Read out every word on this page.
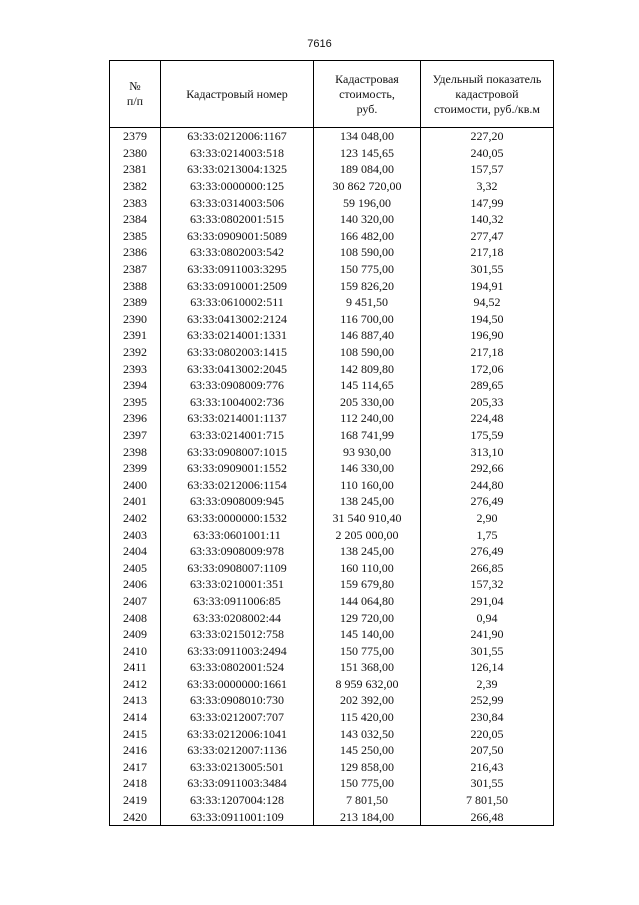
7616
№
п/п	Кадастровый номер	Кадастровая стоимость, руб.	Удельный показатель кадастровой стоимости, руб./кв.м
2379	63:33:0212006:1167	134 048,00	227,20
2380	63:33:0214003:518	123 145,65	240,05
2381	63:33:0213004:1325	189 084,00	157,57
2382	63:33:0000000:125	30 862 720,00	3,32
2383	63:33:0314003:506	59 196,00	147,99
2384	63:33:0802001:515	140 320,00	140,32
2385	63:33:0909001:5089	166 482,00	277,47
2386	63:33:0802003:542	108 590,00	217,18
2387	63:33:0911003:3295	150 775,00	301,55
2388	63:33:0910001:2509	159 826,20	194,91
2389	63:33:0610002:511	9 451,50	94,52
2390	63:33:0413002:2124	116 700,00	194,50
2391	63:33:0214001:1331	146 887,40	196,90
2392	63:33:0802003:1415	108 590,00	217,18
2393	63:33:0413002:2045	142 809,80	172,06
2394	63:33:0908009:776	145 114,65	289,65
2395	63:33:1004002:736	205 330,00	205,33
2396	63:33:0214001:1137	112 240,00	224,48
2397	63:33:0214001:715	168 741,99	175,59
2398	63:33:0908007:1015	93 930,00	313,10
2399	63:33:0909001:1552	146 330,00	292,66
2400	63:33:0212006:1154	110 160,00	244,80
2401	63:33:0908009:945	138 245,00	276,49
2402	63:33:0000000:1532	31 540 910,40	2,90
2403	63:33:0601001:11	2 205 000,00	1,75
2404	63:33:0908009:978	138 245,00	276,49
2405	63:33:0908007:1109	160 110,00	266,85
2406	63:33:0210001:351	159 679,80	157,32
2407	63:33:0911006:85	144 064,80	291,04
2408	63:33:0208002:44	129 720,00	0,94
2409	63:33:0215012:758	145 140,00	241,90
2410	63:33:0911003:2494	150 775,00	301,55
2411	63:33:0802001:524	151 368,00	126,14
2412	63:33:0000000:1661	8 959 632,00	2,39
2413	63:33:0908010:730	202 392,00	252,99
2414	63:33:0212007:707	115 420,00	230,84
2415	63:33:0212006:1041	143 032,50	220,05
2416	63:33:0212007:1136	145 250,00	207,50
2417	63:33:0213005:501	129 858,00	216,43
2418	63:33:0911003:3484	150 775,00	301,55
2419	63:33:1207004:128	7 801,50	7 801,50
2420	63:33:0911001:109	213 184,00	266,48
